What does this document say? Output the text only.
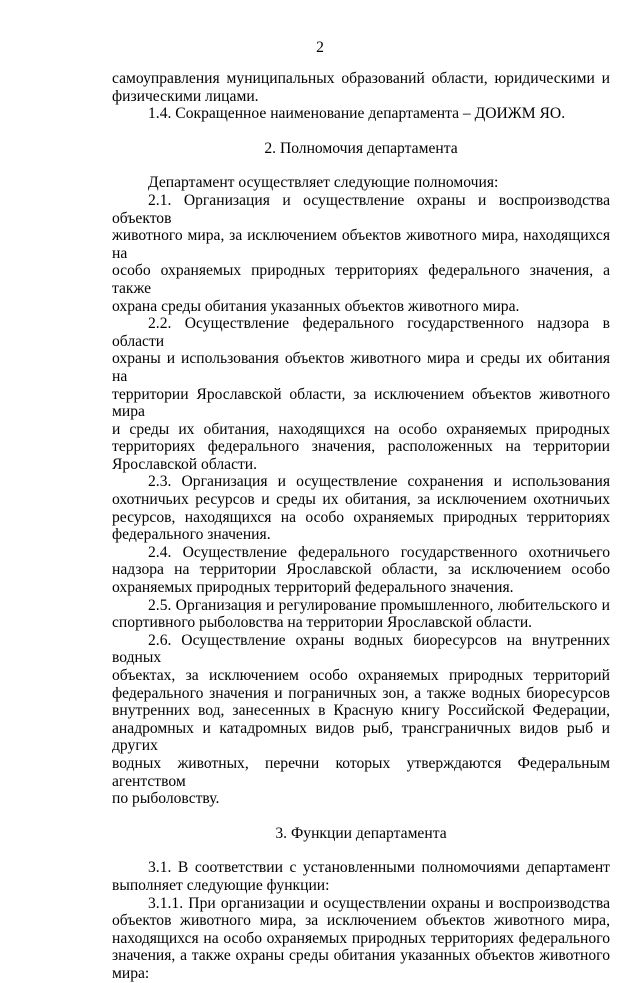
2

самоуправления муниципальных образований области, юридическими и

физическими лицами.

1.4. Сокращенное наименование департамента – ДОИЖМ ЯО.

2. Полномочия департамента

Департамент осуществляет следующие полномочия:

2.1. Организация и осуществление охраны и воспроизводства объектов

животного мира, за исключением объектов животного мира, находящихся на

особо охраняемых природных территориях федерального значения, а также

охрана среды обитания указанных объектов животного мира.

2.2. Осуществление федерального государственного надзора в области

охраны и использования объектов животного мира и среды их обитания на

территории Ярославской области, за исключением объектов животного мира

и среды их обитания, находящихся на особо охраняемых природных

территориях федерального значения, расположенных на территории

Ярославской области.

2.3. Организация и осуществление сохранения и использования

охотничьих ресурсов и среды их обитания, за исключением охотничьих

ресурсов, находящихся на особо охраняемых природных территориях

федерального значения.

2.4. Осуществление федерального государственного охотничьего

надзора на территории Ярославской области, за исключением особо

охраняемых природных территорий федерального значения.

2.5. Организация и регулирование промышленного, любительского и

спортивного рыболовства на территории Ярославской области.

2.6. Осуществление охраны водных биоресурсов на внутренних водных

объектах, за исключением особо охраняемых природных территорий

федерального значения и пограничных зон, а также водных биоресурсов

внутренних вод, занесенных в Красную книгу Российской Федерации,

анадромных и катадромных видов рыб, трансграничных видов рыб и других

водных животных, перечни которых утверждаются Федеральным агентством

по рыболовству.

3. Функции департамента

3.1. В соответствии с установленными полномочиями департамент

выполняет следующие функции:

3.1.1. При организации и осуществлении охраны и воспроизводства

объектов животного мира, за исключением объектов животного мира,

находящихся на особо охраняемых природных территориях федерального

значения, а также охраны среды обитания указанных объектов животного

мира:
